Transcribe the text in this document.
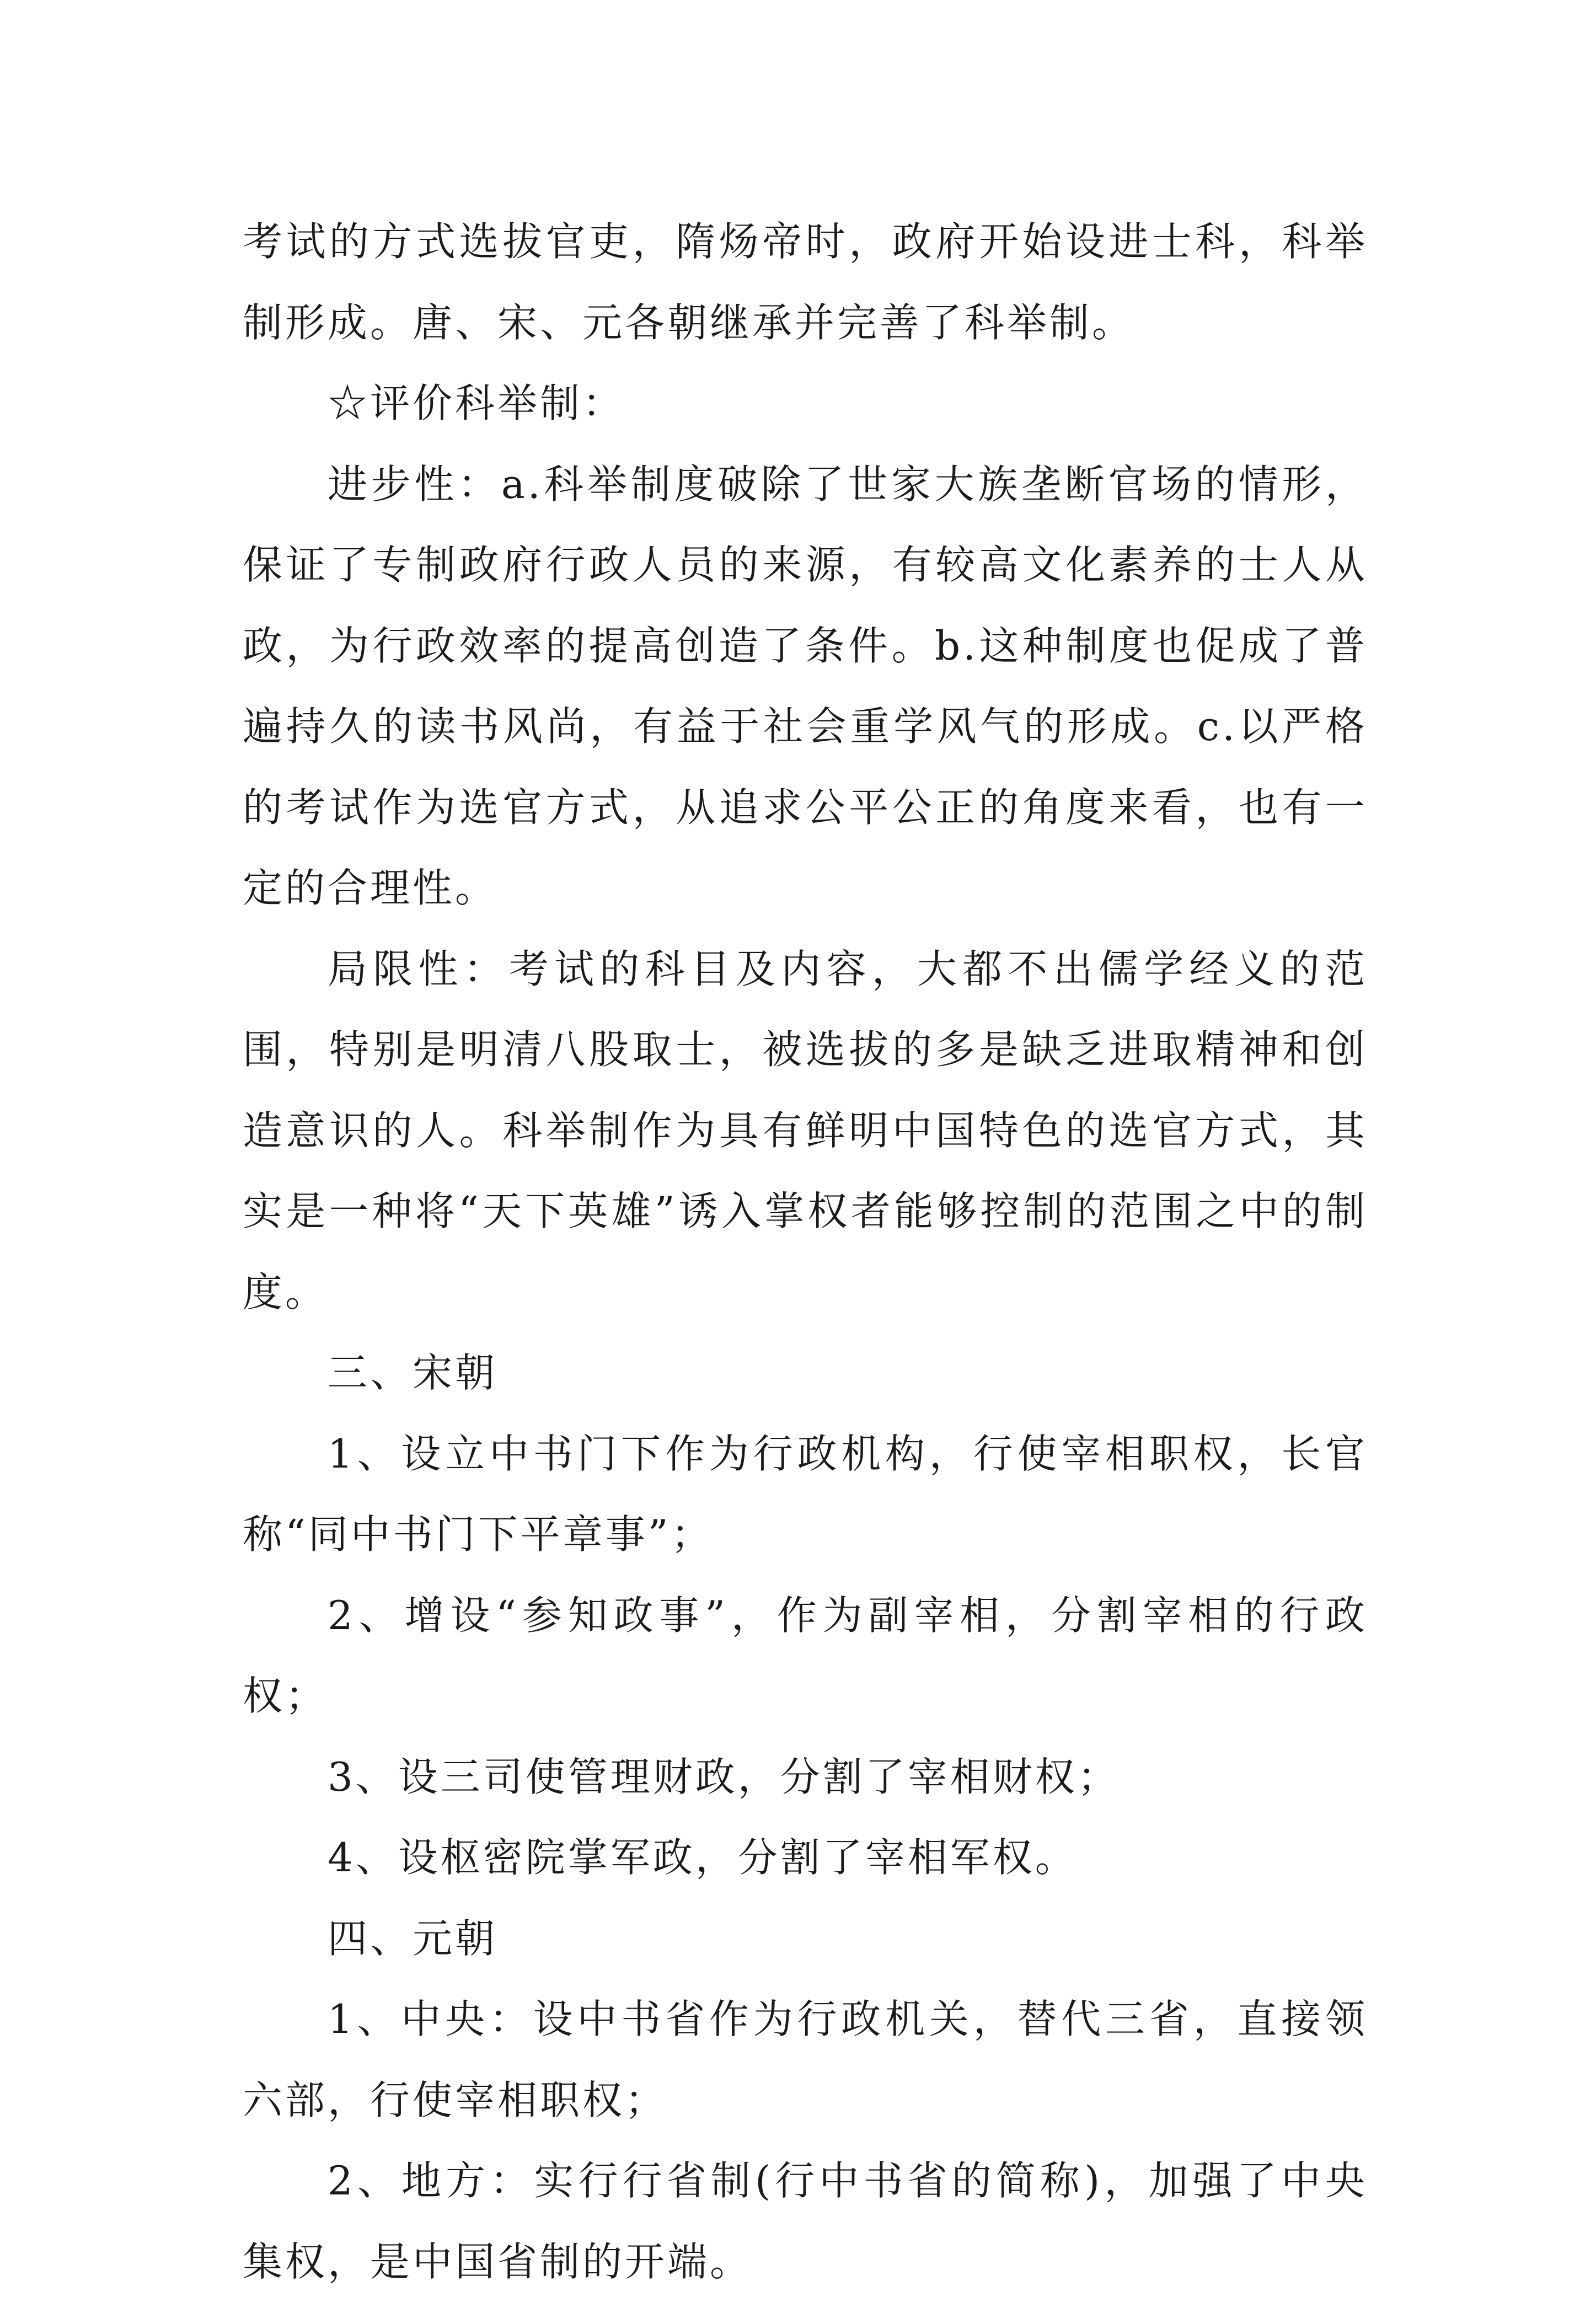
考试的方式选拔官吏，隋炀帝时，政府开始设进士科，科举制形成。唐、宋、元各朝继承并完善了科举制。

☆评价科举制：

进步性：a.科举制度破除了世家大族垄断官场的情形，保证了专制政府行政人员的来源，有较高文化素养的士人从政，为行政效率的提高创造了条件。b.这种制度也促成了普遍持久的读书风尚，有益于社会重学风气的形成。c.以严格的考试作为选官方式，从追求公平公正的角度来看，也有一定的合理性。

局限性：考试的科目及内容，大都不出儒学经义的范围，特别是明清八股取士，被选拔的多是缺乏进取精神和创造意识的人。科举制作为具有鲜明中国特色的选官方式，其实是一种将“天下英雄”诱入掌权者能够控制的范围之中的制度。

三、宋朝

1、设立中书门下作为行政机构，行使宰相职权，长官称“同中书门下平章事”；

2、增设“参知政事”，作为副宰相，分割宰相的行政权；

3、设三司使管理财政，分割了宰相财权；

4、设枢密院掌军政，分割了宰相军权。

四、元朝

1、中央：设中书省作为行政机关，替代三省，直接领六部，行使宰相职权；

2、地方：实行行省制(行中书省的简称)，加强了中央集权，是中国省制的开端。
